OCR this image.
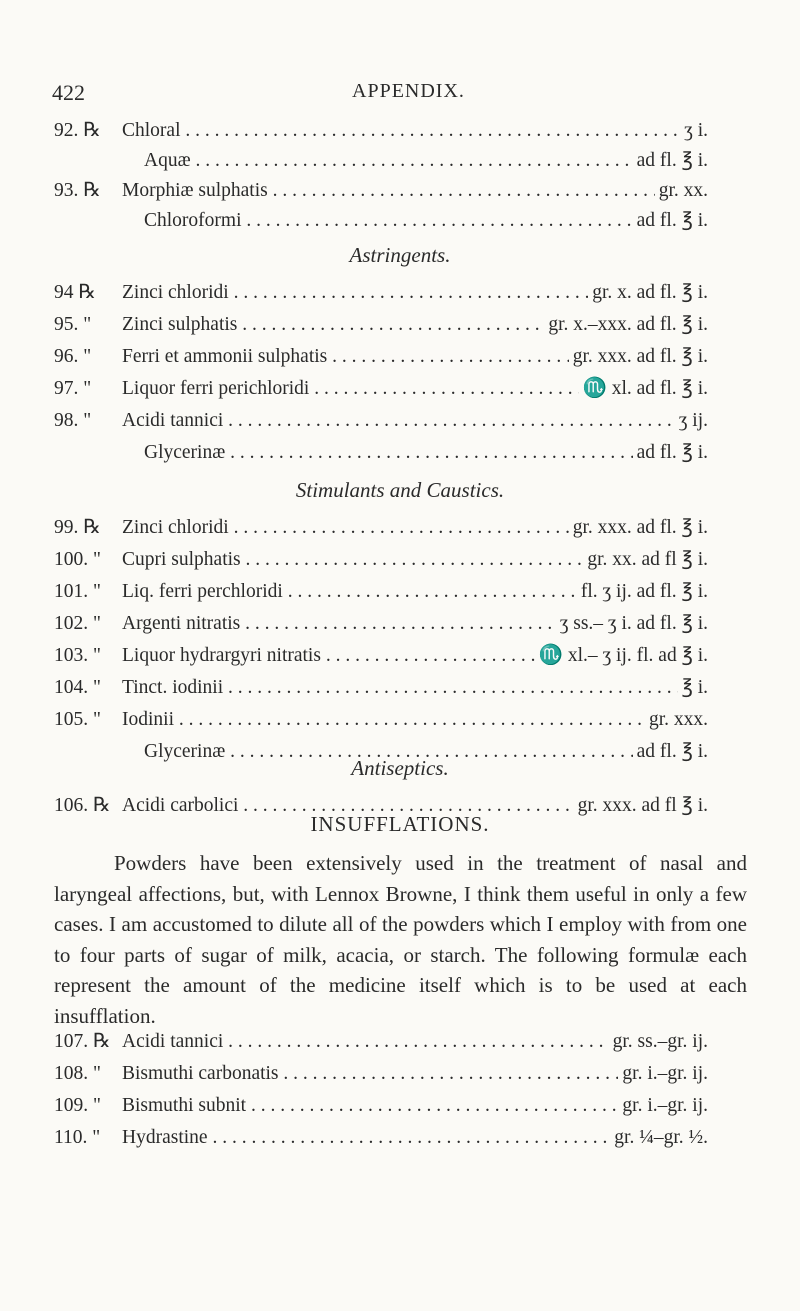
422	APPENDIX.
92. ℞ Chloral . . .	ʒ i.
Aquæ . . .	ad fl. ℥ i.
93. ℞ Morphiæ sulphatis . . .	gr. xx.
Chloroformi . . .	ad fl. ℥ i.
Astringents.
94 ℞ Zinci chloridi . . .	gr. x. ad fl. ℥ i.
95. " Zinci sulphatis . . .	gr. x.–xxx. ad fl. ℥ i.
96. " Ferri et ammonii sulphatis . . .	gr. xxx. ad fl. ℥ i.
97. " Liquor ferri perichloridi . . .	♏ xl. ad fl. ℥ i.
98. " Acidi tannici . . .	ʒ ij.
Glycerinæ . . .	ad fl. ℥ i.
Stimulants and Caustics.
99. ℞ Zinci chloridi . . .	gr. xxx. ad fl. ℥ i.
100. " Cupri sulphatis . . .	gr. xx. ad fl ℥ i.
101. " Liq. ferri perchloridi . . .	fl. ʒ ij. ad fl. ℥ i.
102. " Argenti nitratis . . .	ʒ ss.– ʒ i. ad fl. ℥ i.
103. " Liquor hydrargyri nitratis . . .	♏ xl.– ʒ ij. fl. ad ℥ i.
104. " Tinct. iodinii . . .	℥ i.
105. " Iodinii . . .	gr. xxx.
Glycerinæ . . .	ad fl. ℥ i.
Antiseptics.
106. ℞ Acidi carbolici . . .	gr. xxx. ad fl ℥ i.
INSUFFLATIONS.
Powders have been extensively used in the treatment of nasal and laryngeal affections, but, with Lennox Browne, I think them useful in only a few cases. I am accustomed to dilute all of the powders which I employ with from one to four parts of sugar of milk, acacia, or starch. The following formulæ each represent the amount of the medicine itself which is to be used at each insufflation.
107. ℞ Acidi tannici . . .	gr. ss.–gr. ij.
108. " Bismuthi carbonatis . . .	gr. i.–gr. ij.
109. " Bismuthi subnit . . .	gr. i.–gr. ij.
110. " Hydrastine . . .	gr. ¼–gr. ½.
